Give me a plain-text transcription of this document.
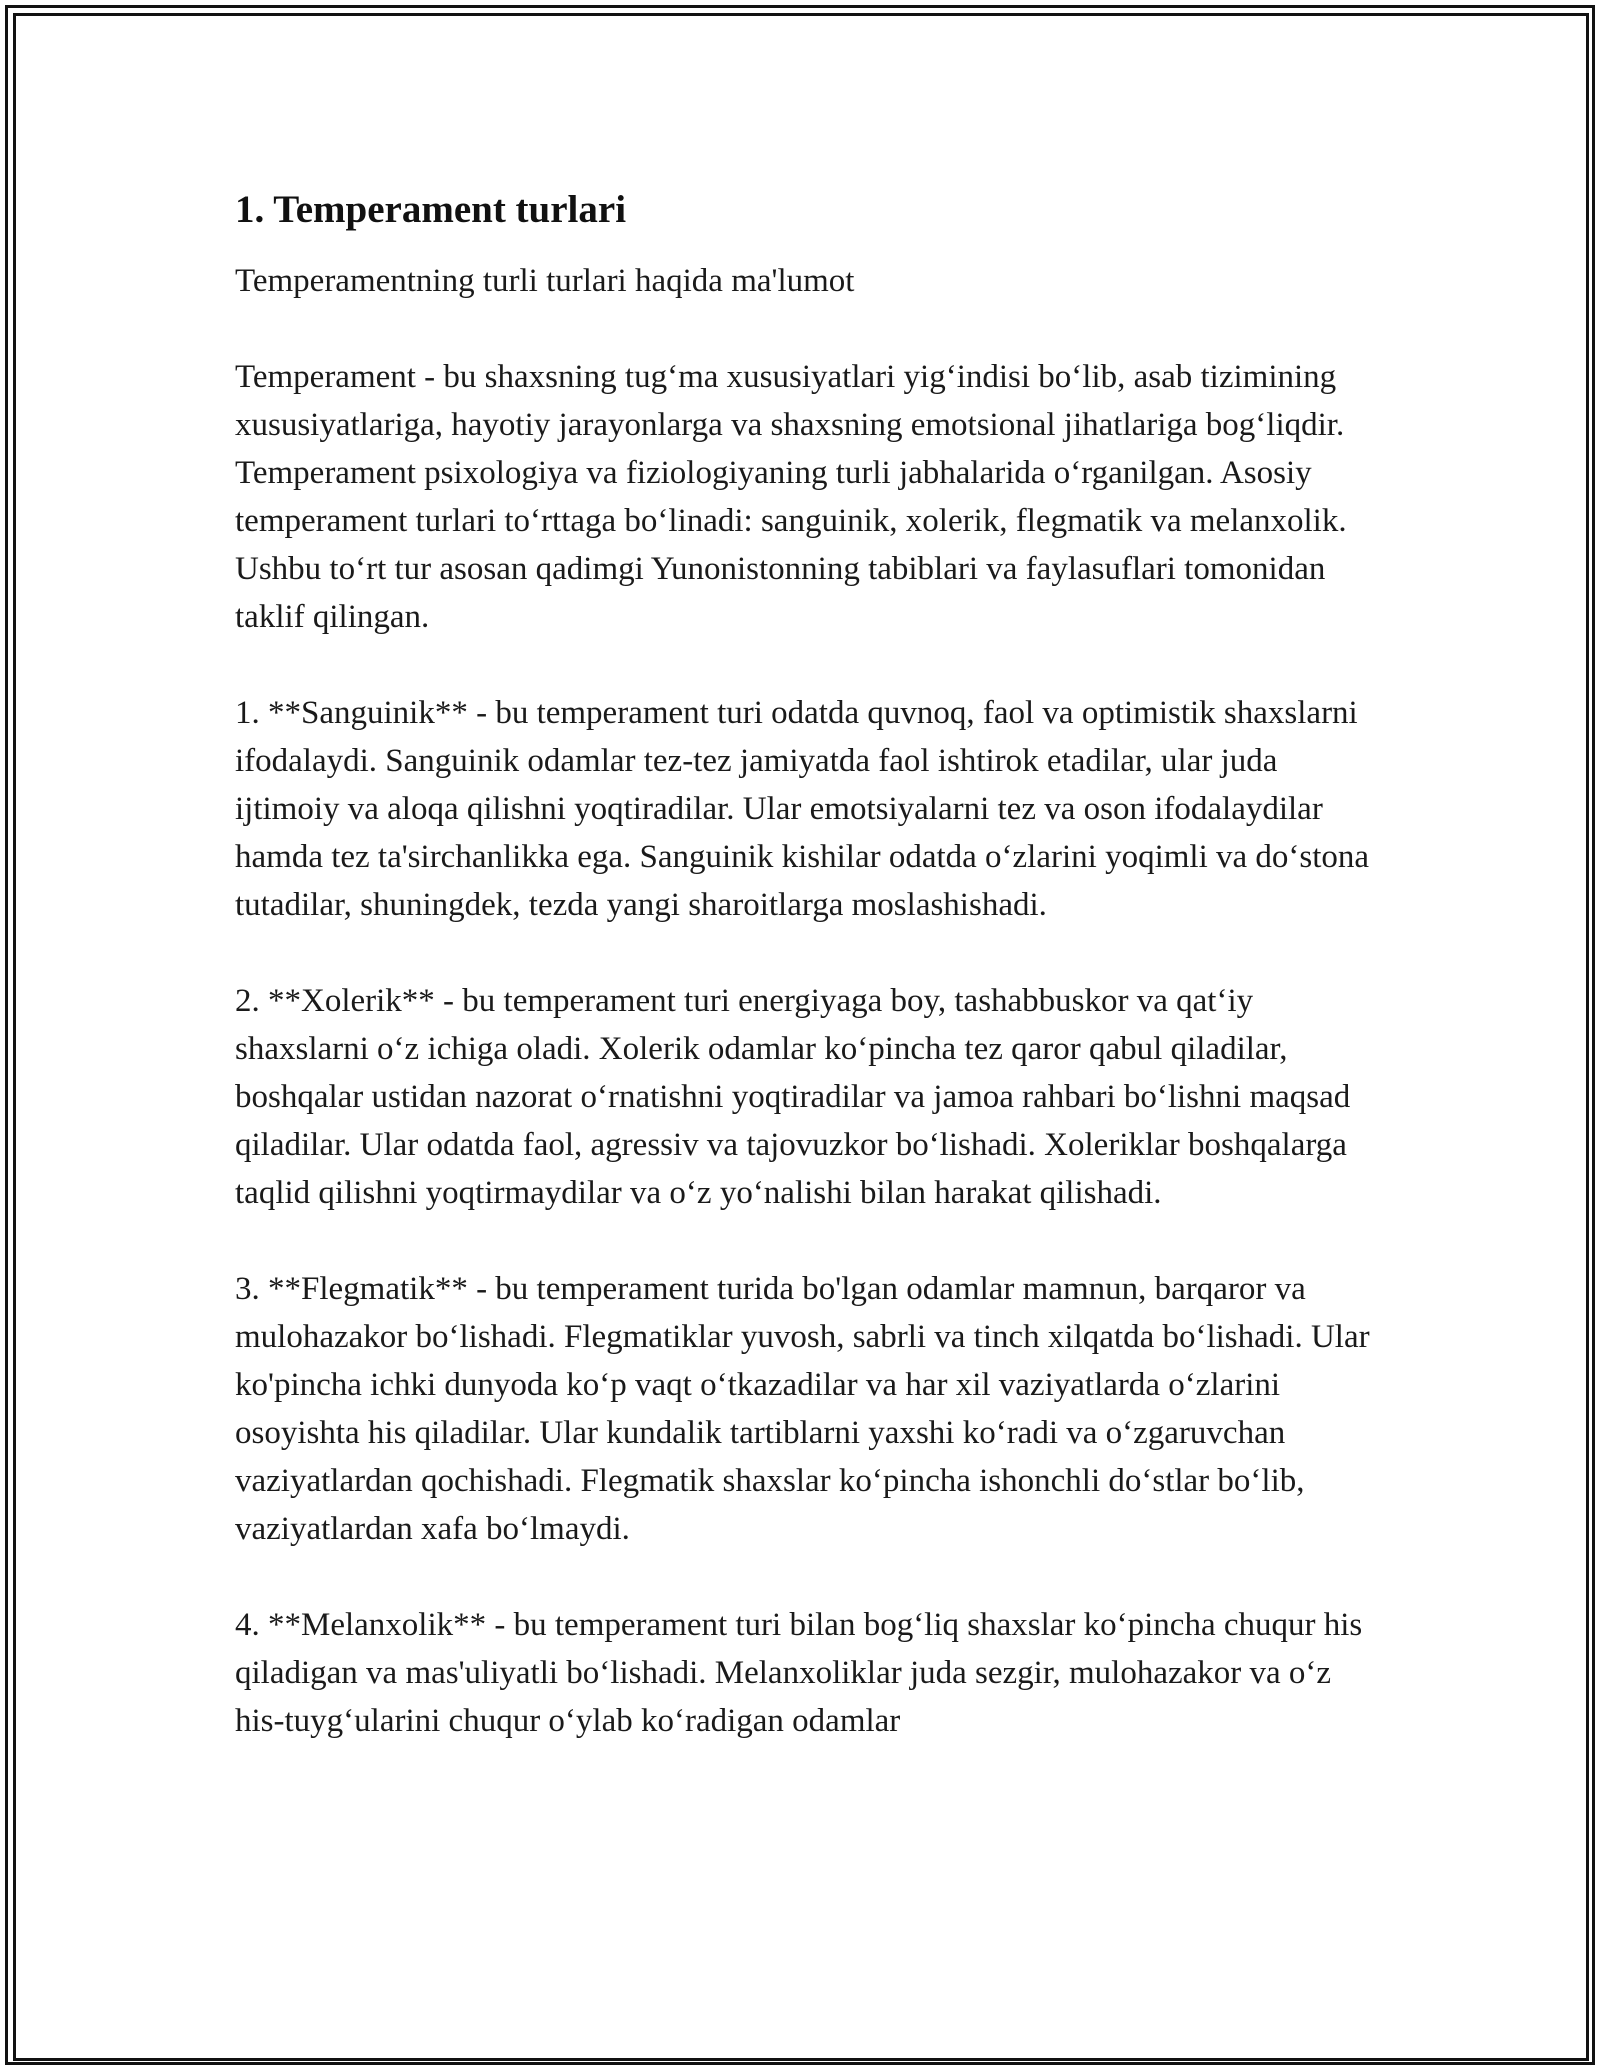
1. Temperament turlari

Temperamentning turli turlari haqida ma'lumot

Temperament - bu shaxsning tug‘ma xususiyatlari yig‘indisi bo‘lib, asab tizimining xususiyatlariga, hayotiy jarayonlarga va shaxsning emotsional jihatlariga bog‘liqdir. Temperament psixologiya va fiziologiyaning turli jabhalarida o‘rganilgan. Asosiy temperament turlari to‘rttaga bo‘linadi: sanguinik, xolerik, flegmatik va melanxolik. Ushbu to‘rt tur asosan qadimgi Yunonistonning tabiblari va faylasuflari tomonidan taklif qilingan.

1. **Sanguinik** - bu temperament turi odatda quvnoq, faol va optimistik shaxslarni ifodalaydi. Sanguinik odamlar tez-tez jamiyatda faol ishtirok etadilar, ular juda ijtimoiy va aloqa qilishni yoqtiradilar. Ular emotsiyalarni tez va oson ifodalaydilar hamda tez ta'sirchanlikka ega. Sanguinik kishilar odatda o‘zlarini yoqimli va do‘stona tutadilar, shuningdek, tezda yangi sharoitlarga moslashishadi.

2. **Xolerik** - bu temperament turi energiyaga boy, tashabbuskor va qat‘iy shaxslarni o‘z ichiga oladi. Xolerik odamlar ko‘pincha tez qaror qabul qiladilar, boshqalar ustidan nazorat o‘rnatishni yoqtiradilar va jamoa rahbari bo‘lishni maqsad qiladilar. Ular odatda faol, agressiv va tajovuzkor bo‘lishadi. Xoleriklar boshqalarga taqlid qilishni yoqtirmaydilar va o‘z yo‘nalishi bilan harakat qilishadi.

3. **Flegmatik** - bu temperament turida bo'lgan odamlar mamnun, barqaror va mulohazakor bo‘lishadi. Flegmatiklar yuvosh, sabrli va tinch xilqatda bo‘lishadi. Ular ko'pincha ichki dunyoda ko‘p vaqt o‘tkazadilar va har xil vaziyatlarda o‘zlarini osoyishta his qiladilar. Ular kundalik tartiblarni yaxshi ko‘radi va o‘zgaruvchan vaziyatlardan qochishadi. Flegmatik shaxslar ko‘pincha ishonchli do‘stlar bo‘lib, vaziyatlardan xafa bo‘lmaydi.

4. **Melanxolik** - bu temperament turi bilan bog‘liq shaxslar ko‘pincha chuqur his qiladigan va mas'uliyatli bo‘lishadi. Melanxoliklar juda sezgir, mulohazakor va o‘z his-tuyg‘ularini chuqur o‘ylab ko‘radigan odamlar
